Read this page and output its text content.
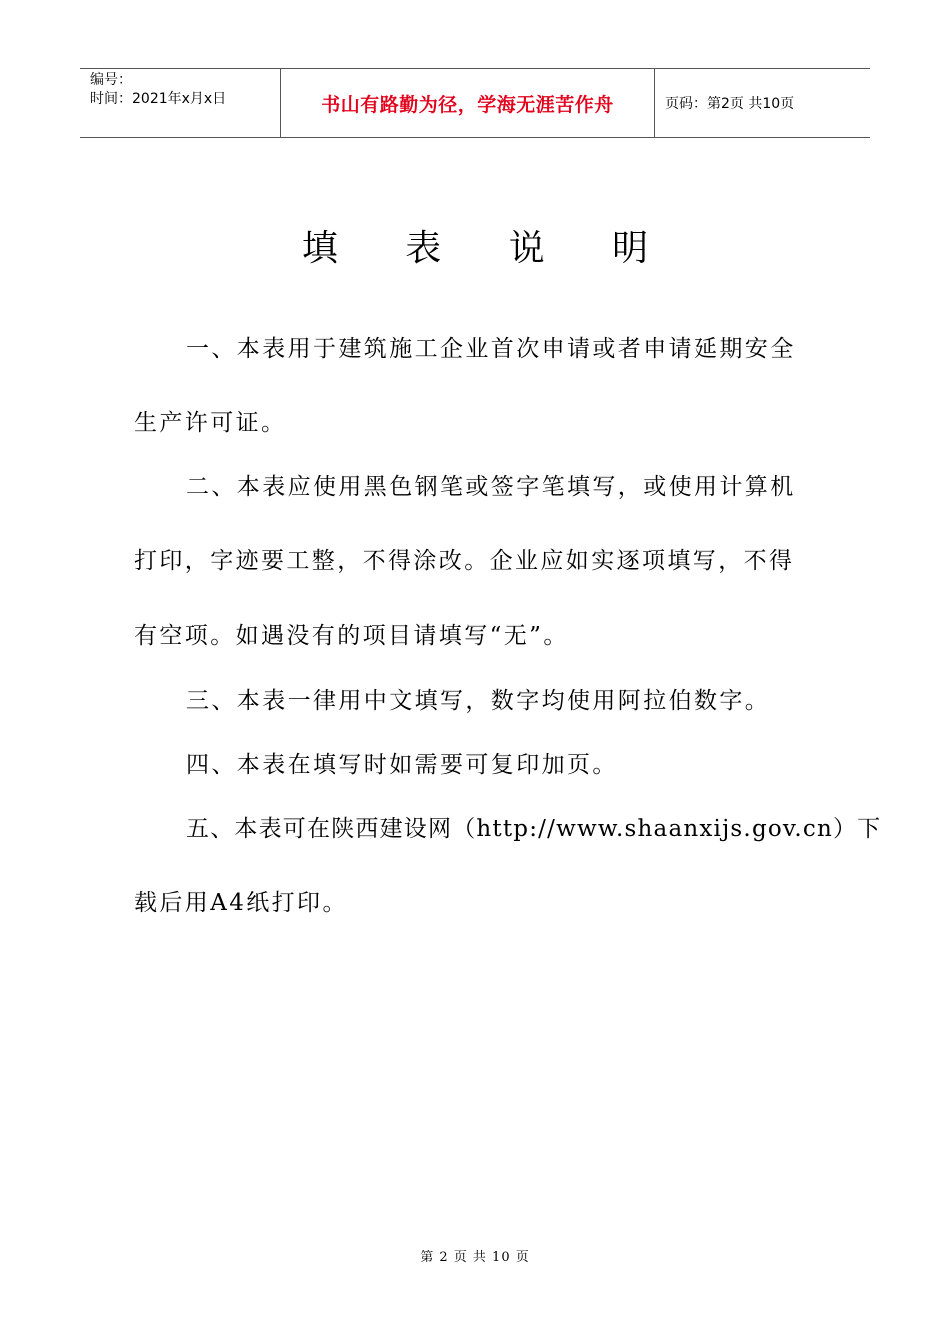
编号：
时间：2021年x月x日	书山有路勤为径，学海无涯苦作舟	页码：第2页 共10页
填 表 说 明
一、本表用于建筑施工企业首次申请或者申请延期安全
生产许可证。
二、本表应使用黑色钢笔或签字笔填写，或使用计算机
打印，字迹要工整，不得涂改。企业应如实逐项填写，不得
有空项。如遇没有的项目请填写“无”。
三、本表一律用中文填写，数字均使用阿拉伯数字。
四、本表在填写时如需要可复印加页。
五、本表可在陕西建设网（http://www.shaanxijs.gov.cn）下
载后用A4纸打印。
第 2 页 共 10 页
